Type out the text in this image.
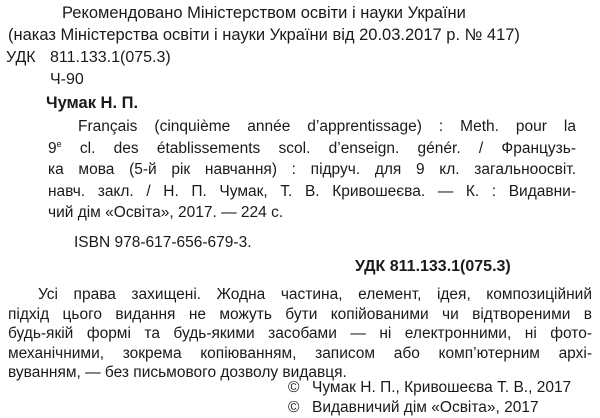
Рекомендовано Міністерством освіти і науки України
(наказ Міністерства освіти і науки України від 20.03.2017 р. № 417)
УДК 811.133.1(075.3)
Ч-90
Чумак Н. П.
Français (cinquième année d’apprentissage) : Meth. pour la
9e cl. des établissements scol. d’enseign. génér. / Французь-
ка мова (5-й рік навчання) : підруч. для 9 кл. загальноосвіт.
навч. закл. / Н. П. Чумак, Т. В. Кривошеєва. — К. : Видавни-
чий дім «Освіта», 2017. — 224 с.
ISBN 978-617-656-679-3.
УДК 811.133.1(075.3)
Усі права захищені. Жодна частина, елемент, ідея, композиційний
підхід цього видання не можуть бути копійованими чи відтвореними в
будь-якій формі та будь-якими засобами — ні електронними, ні фото-
механічними, зокрема копіюванням, записом або комп’ютерним архі-
вуванням, — без письмового дозволу видавця.
© Чумак Н. П., Кривошеєва Т. В., 2017
© Видавничий дім «Освіта», 2017
